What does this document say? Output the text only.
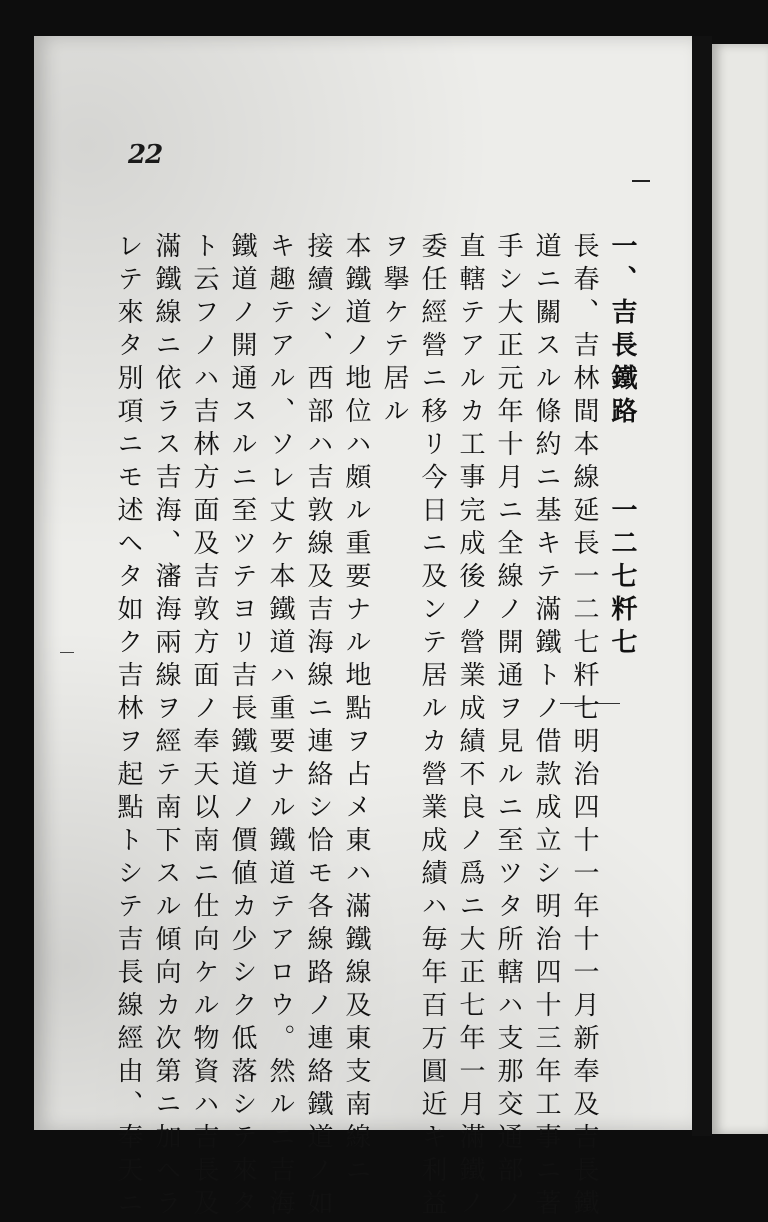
22
一、吉長鐵路　　一二七粁七
長春、吉林間本線延長一二七粁七明治四十一年十一月新奉及吉長鐵
道ニ關スル條約ニ基キテ滿鐵トノ借款成立シ明治四十三年工事ニ著
手シ大正元年十月ニ全線ノ開通ヲ見ルニ至ツタ所轄ハ支那交通部ノ
直轄テアルカ工事完成後ノ營業成績不良ノ爲ニ大正七年一月滿鐵ノ
委任經營ニ移リ今日ニ及ンテ居ルカ營業成績ハ毎年百万圓近キ利益
ヲ擧ケテ居ル
本鐵道ノ地位ハ頗ル重要ナル地點ヲ占メ東ハ滿鐵線及東支南線ニ
接續シ、西部ハ吉敦線及吉海線ニ連絡シ恰モ各線路ノ連絡鐵道ノ如
キ趣テアル、ソレ丈ケ本鐵道ハ重要ナル鐵道テアロウ。然ルニ吉海
鐵道ノ開通スルニ至ツテヨリ吉長鐵道ノ價値カ少シク低落シテ來タ
ト云フノハ吉林方面及吉敦方面ノ奉天以南ニ仕向ケル物資ハ吉長及
滿鐵線ニ依ラス吉海、瀋海兩線ヲ經テ南下スル傾向カ次第ニ加ヘラ
レテ來タ別項ニモ述ヘタ如ク吉林ヲ起點トシテ吉長線經由、奉天ニ
